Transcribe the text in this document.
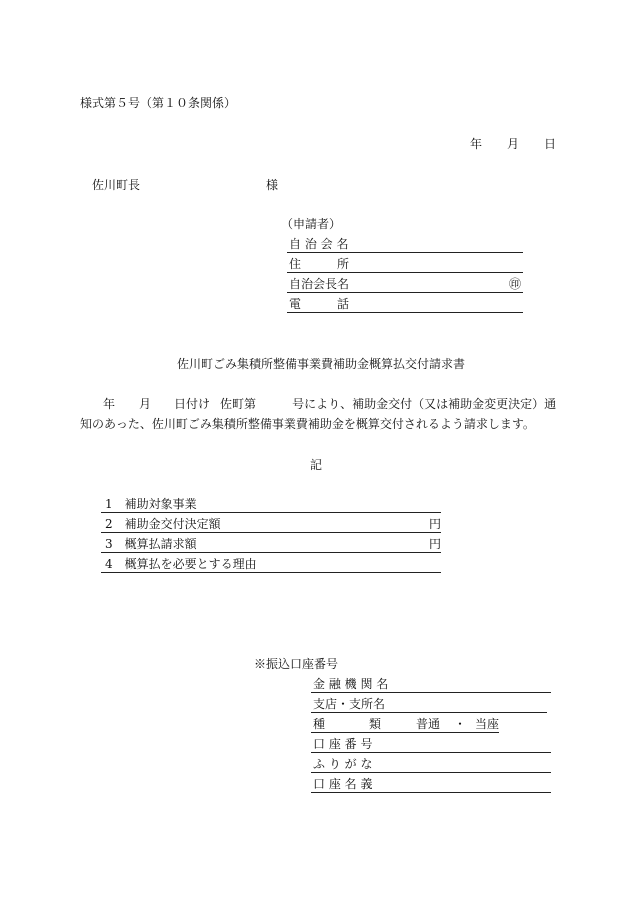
様式第５号（第１０条関係）
年 月 日
佐川町長	様
（申請者）
自 治 会 名
住	所
自治会長名	㊞
電	話
佐川町ごみ集積所整備事業費補助金概算払交付請求書
年 月 日付け 佐町第	号により、補助金交付（又は補助金変更決定）通
知のあった、佐川町ごみ集積所整備事業費補助金を概算交付されるよう請求します。
記
1　補助対象事業
2　補助金交付決定額	円
3　概算払請求額	円
4　概算払を必要とする理由
※振込口座番号
金 融 機 関 名
支店・支所名
種	類	普通 ・ 当座
口 座 番 号
ふ り が な
口 座 名 義
